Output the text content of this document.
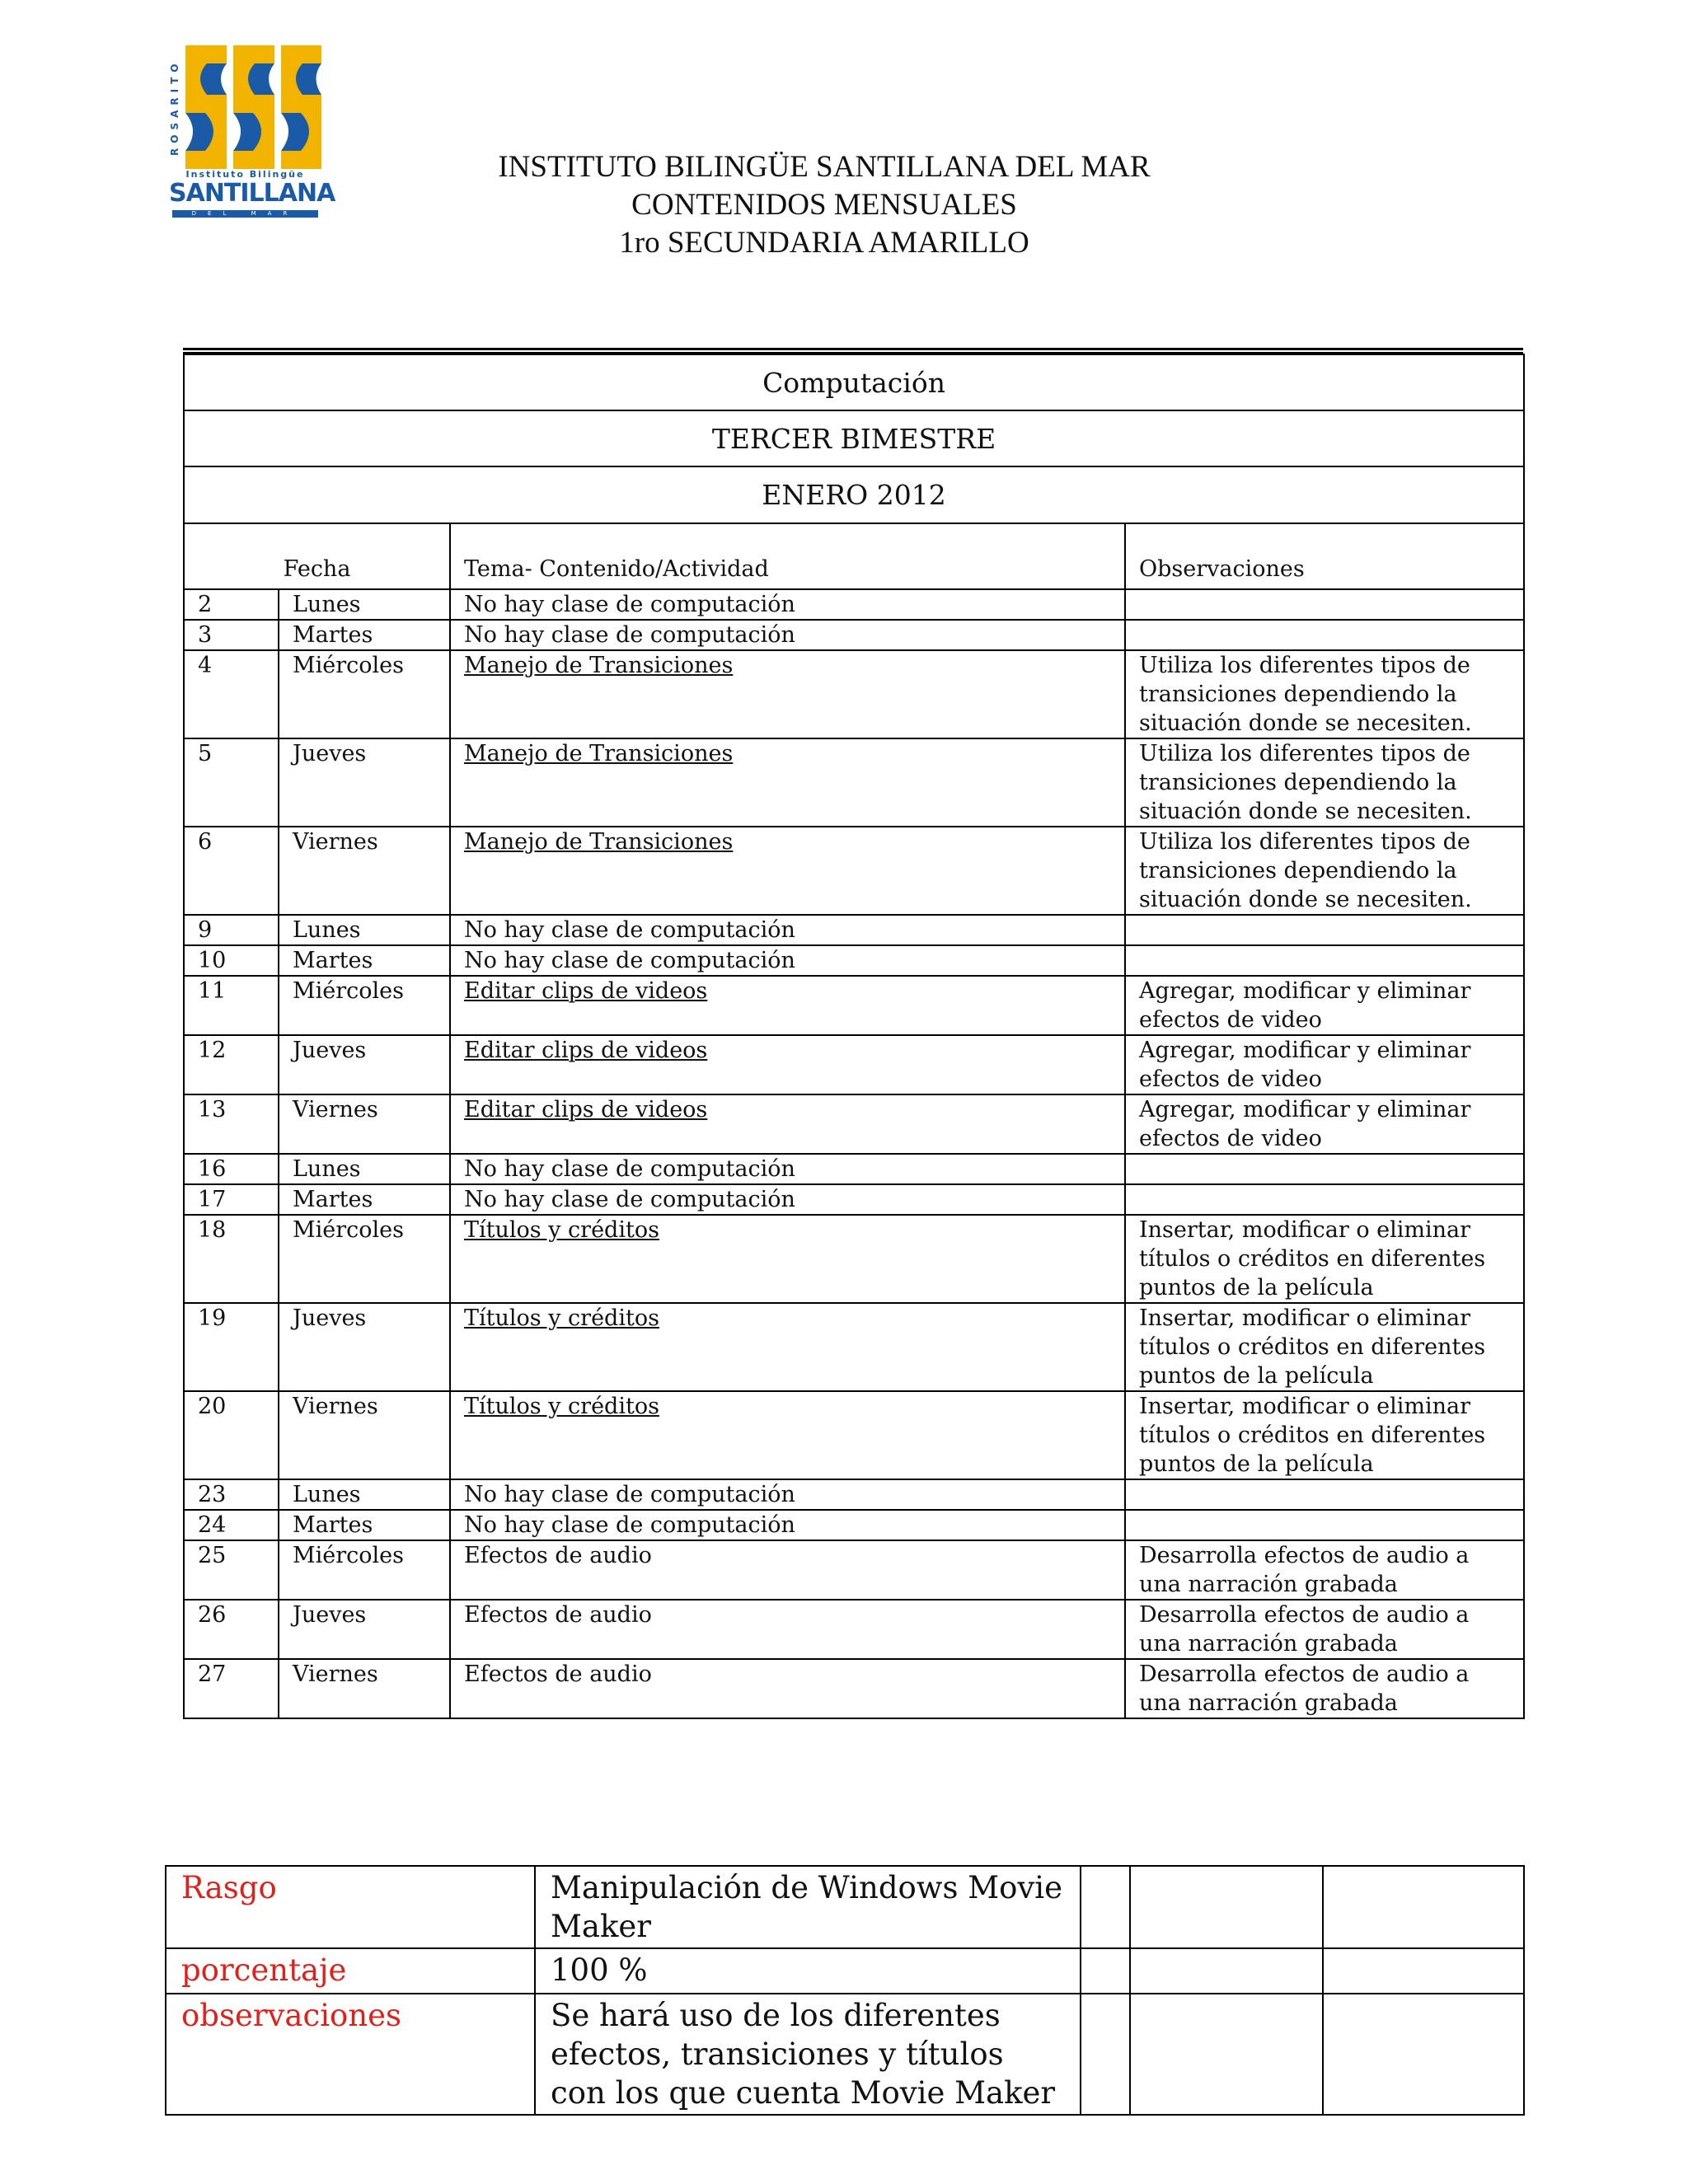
ROSARITO
Instituto Bilingüe
SANTILLANA
DEL MAR
INSTITUTO BILINGÜE SANTILLANA DEL MAR
CONTENIDOS MENSUALES
1ro SECUNDARIA AMARILLO
Computación			
TERCER BIMESTRE			
ENERO 2012			
Fecha		Tema- Contenido/Actividad	Observaciones
2	Lunes	No hay clase de computación	
3	Martes	No hay clase de computación	
4	Miércoles	Manejo de Transiciones	Utiliza los diferentes tipos de transiciones dependiendo la situación donde se necesiten.
5	Jueves	Manejo de Transiciones	Utiliza los diferentes tipos de transiciones dependiendo la situación donde se necesiten.
6	Viernes	Manejo de Transiciones	Utiliza los diferentes tipos de transiciones dependiendo la situación donde se necesiten.
9	Lunes	No hay clase de computación	
10	Martes	No hay clase de computación	
11	Miércoles	Editar clips de videos	Agregar, modificar y eliminar efectos de video
12	Jueves	Editar clips de videos	Agregar, modificar y eliminar efectos de video
13	Viernes	Editar clips de videos	Agregar, modificar y eliminar efectos de video
16	Lunes	No hay clase de computación	
17	Martes	No hay clase de computación	
18	Miércoles	Títulos y créditos	Insertar, modificar o eliminar títulos o créditos en diferentes puntos de la película
19	Jueves	Títulos y créditos	Insertar, modificar o eliminar títulos o créditos en diferentes puntos de la película
20	Viernes	Títulos y créditos	Insertar, modificar o eliminar títulos o créditos en diferentes puntos de la película
23	Lunes	No hay clase de computación	
24	Martes	No hay clase de computación	
25	Miércoles	Efectos de audio	Desarrolla efectos de audio a una narración grabada
26	Jueves	Efectos de audio	Desarrolla efectos de audio a una narración grabada
27	Viernes	Efectos de audio	Desarrolla efectos de audio a una narración grabada
Rasgo	Manipulación de Windows Movie Maker			
porcentaje	100 %			
observaciones	Se hará uso de los diferentes efectos, transiciones y títulos con los que cuenta Movie Maker			
